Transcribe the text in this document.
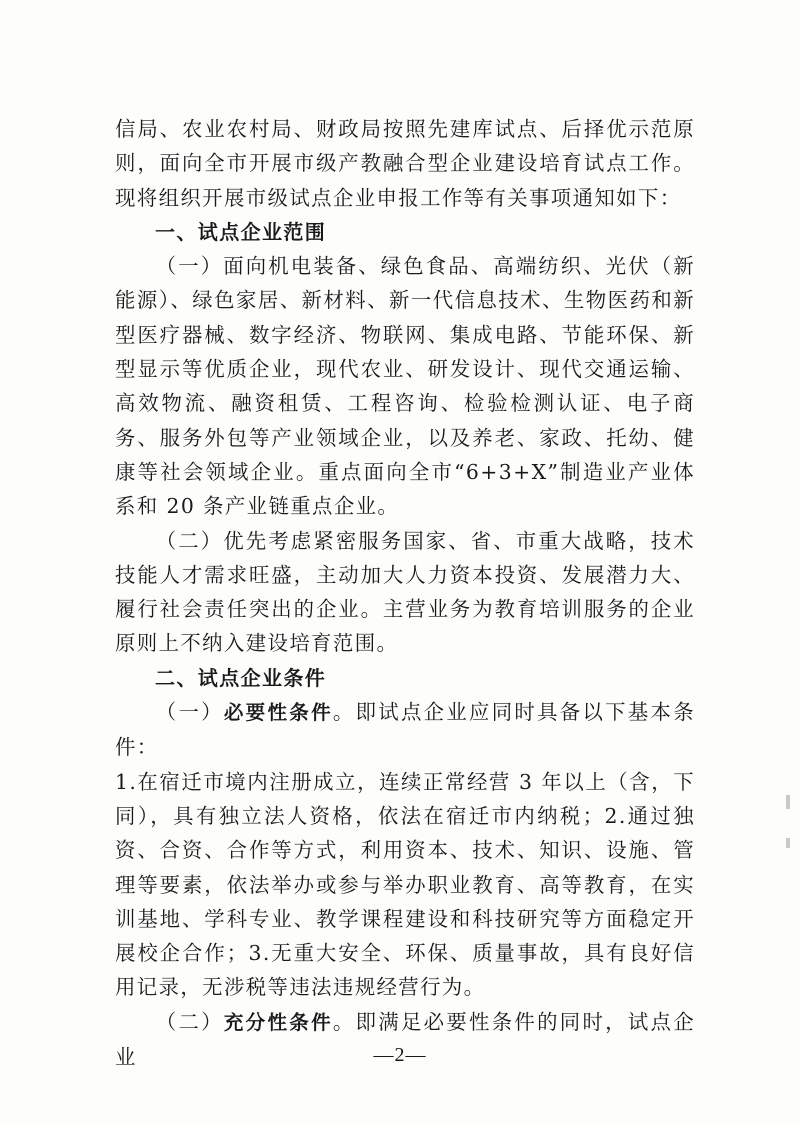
信局、农业农村局、财政局按照先建库试点、后择优示范原则，面向全市开展市级产教融合型企业建设培育试点工作。现将组织开展市级试点企业申报工作等有关事项通知如下：

一、试点企业范围

（一）面向机电装备、绿色食品、高端纺织、光伏（新能源）、绿色家居、新材料、新一代信息技术、生物医药和新型医疗器械、数字经济、物联网、集成电路、节能环保、新型显示等优质企业，现代农业、研发设计、现代交通运输、高效物流、融资租赁、工程咨询、检验检测认证、电子商务、服务外包等产业领域企业，以及养老、家政、托幼、健康等社会领域企业。重点面向全市“6+3+X”制造业产业体系和 20 条产业链重点企业。

（二）优先考虑紧密服务国家、省、市重大战略，技术技能人才需求旺盛，主动加大人力资本投资、发展潜力大、履行社会责任突出的企业。主营业务为教育培训服务的企业原则上不纳入建设培育范围。

二、试点企业条件

（一）必要性条件。即试点企业应同时具备以下基本条件：

1.在宿迁市境内注册成立，连续正常经营 3 年以上（含，下同），具有独立法人资格，依法在宿迁市内纳税；2.通过独资、合资、合作等方式，利用资本、技术、知识、设施、管理等要素，依法举办或参与举办职业教育、高等教育，在实训基地、学科专业、教学课程建设和科技研究等方面稳定开展校企合作；3.无重大安全、环保、质量事故，具有良好信用记录，无涉税等违法违规经营行为。

（二）充分性条件。即满足必要性条件的同时，试点企业	—2—
